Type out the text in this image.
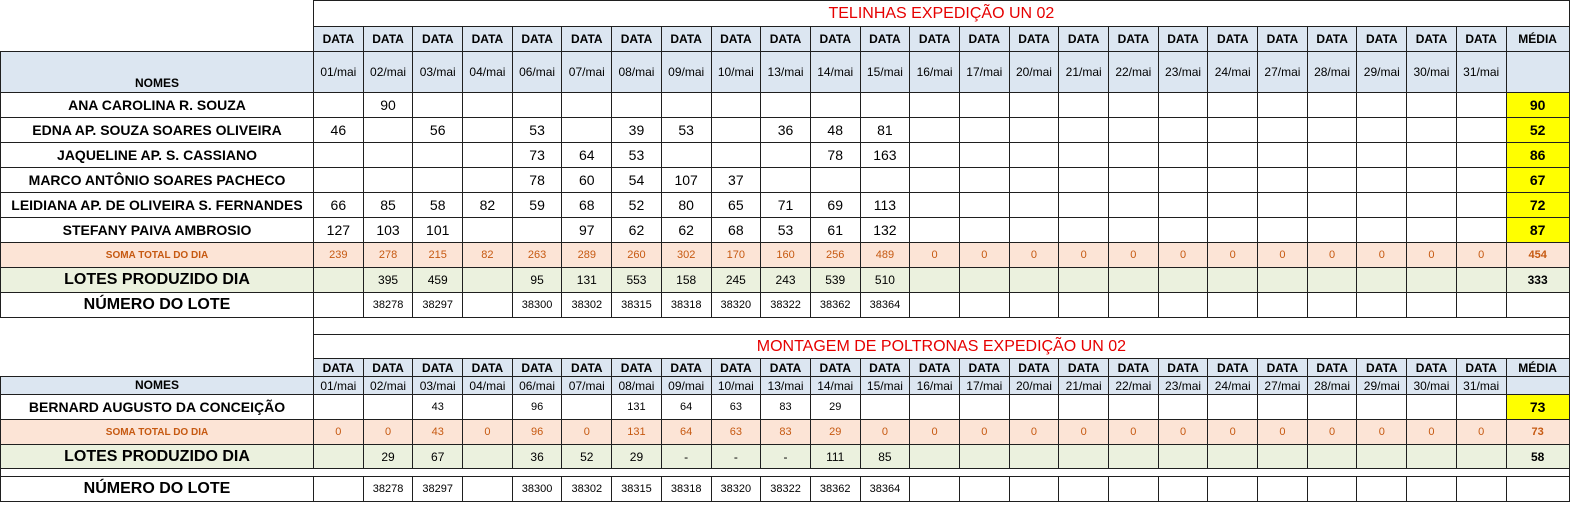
	TELINHAS EXPEDIÇÃO UN 02																								
	DATA	DATA	DATA	DATA	DATA	DATA	DATA	DATA	DATA	DATA	DATA	DATA	DATA	DATA	DATA	DATA	DATA	DATA	DATA	DATA	DATA	DATA	DATA	DATA	MÉDIA
NOMES	01/mai	02/mai	03/mai	04/mai	06/mai	07/mai	08/mai	09/mai	10/mai	13/mai	14/mai	15/mai	16/mai	17/mai	20/mai	21/mai	22/mai	23/mai	24/mai	27/mai	28/mai	29/mai	30/mai	31/mai	
ANA CAROLINA R. SOUZA		90																							90
EDNA AP. SOUZA SOARES OLIVEIRA	46		56		53		39	53		36	48	81													52
JAQUELINE AP. S. CASSIANO					73	64	53				78	163													86
MARCO ANTÔNIO SOARES PACHECO					78	60	54	107	37																67
LEIDIANA AP. DE OLIVEIRA S. FERNANDES	66	85	58	82	59	68	52	80	65	71	69	113													72
STEFANY PAIVA AMBROSIO	127	103	101			97	62	62	68	53	61	132													87
SOMA TOTAL DO DIA	239	278	215	82	263	289	260	302	170	160	256	489	0	0	0	0	0	0	0	0	0	0	0	0	454
LOTES PRODUZIDO DIA		395	459		95	131	553	158	245	243	539	510													333
NÚMERO DO LOTE		38278	38297		38300	38302	38315	38318	38320	38322	38362	38364													

	MONTAGEM DE POLTRONAS EXPEDIÇÃO UN 02																								
	DATA	DATA	DATA	DATA	DATA	DATA	DATA	DATA	DATA	DATA	DATA	DATA	DATA	DATA	DATA	DATA	DATA	DATA	DATA	DATA	DATA	DATA	DATA	DATA	MÉDIA
NOMES	01/mai	02/mai	03/mai	04/mai	06/mai	07/mai	08/mai	09/mai	10/mai	13/mai	14/mai	15/mai	16/mai	17/mai	20/mai	21/mai	22/mai	23/mai	24/mai	27/mai	28/mai	29/mai	30/mai	31/mai	
BERNARD AUGUSTO DA CONCEIÇÃO			43		96		131	64	63	83	29														73
SOMA TOTAL DO DIA	0	0	43	0	96	0	131	64	63	83	29	0	0	0	0	0	0	0	0	0	0	0	0	0	73
LOTES PRODUZIDO DIA		29	67		36	52	29	-	-	-	111	85													58

NÚMERO DO LOTE		38278	38297		38300	38302	38315	38318	38320	38322	38362	38364													
